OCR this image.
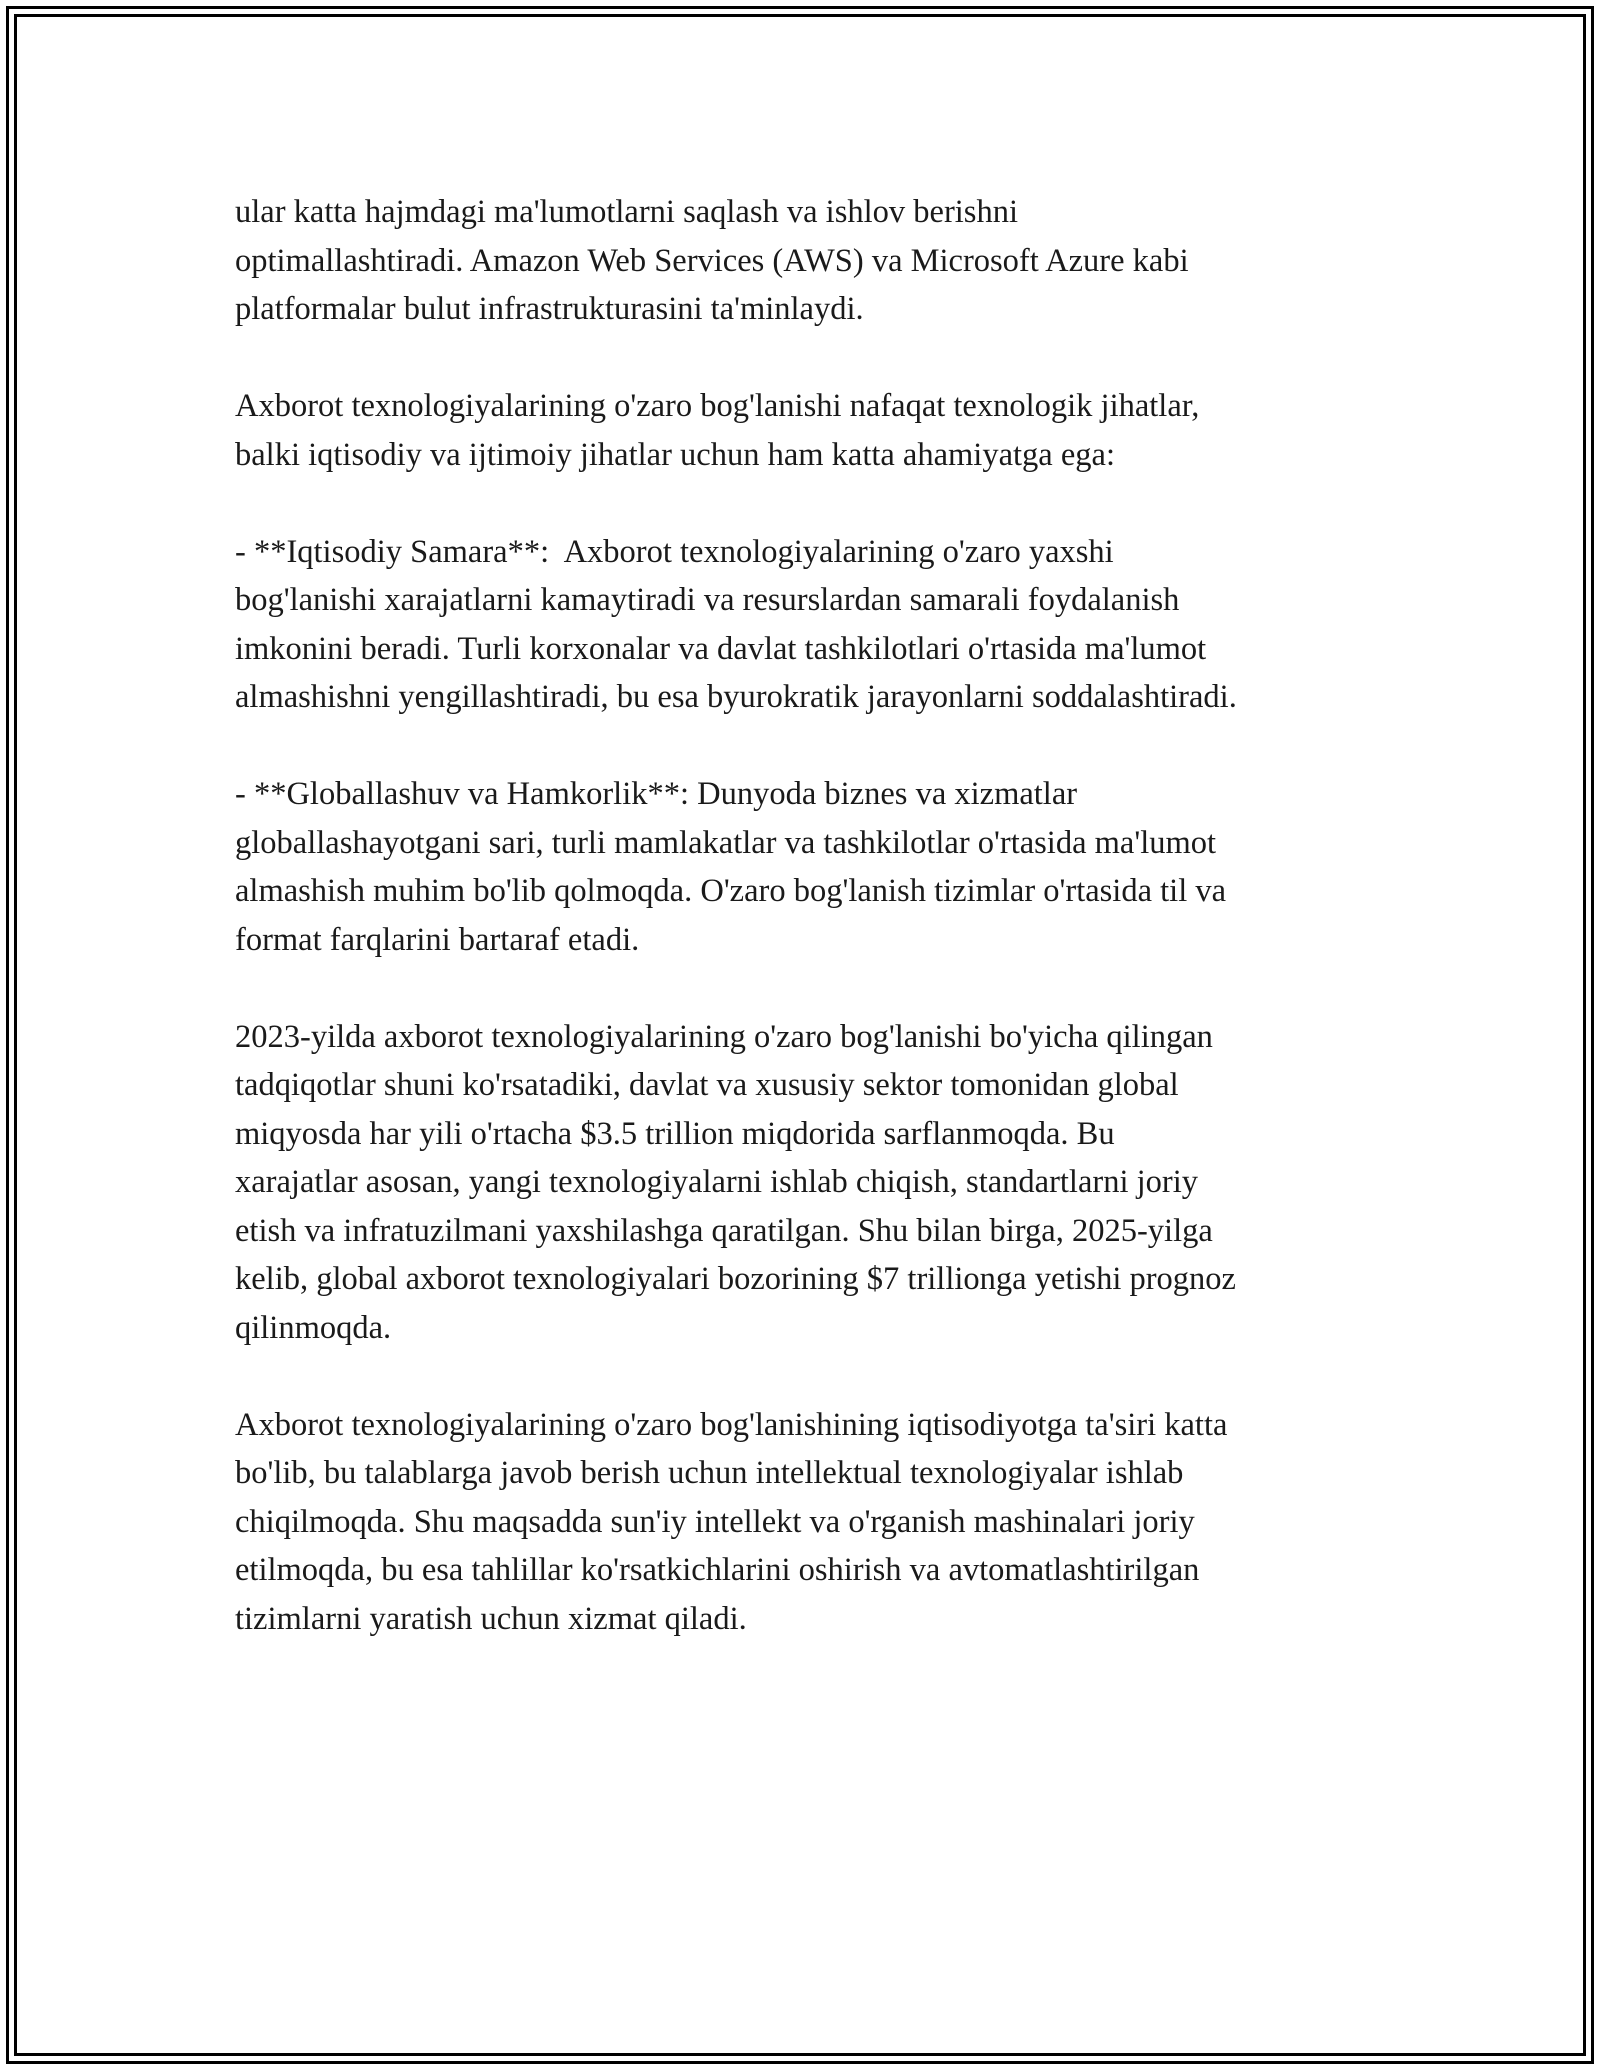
ular katta hajmdagi ma'lumotlarni saqlash va ishlov berishni
optimallashtiradi. Amazon Web Services (AWS) va Microsoft Azure kabi
platformalar bulut infrastrukturasini ta'minlaydi.
Axborot texnologiyalarining o'zaro bog'lanishi nafaqat texnologik jihatlar,
balki iqtisodiy va ijtimoiy jihatlar uchun ham katta ahamiyatga ega:
- **Iqtisodiy Samara**:  Axborot texnologiyalarining o'zaro yaxshi
bog'lanishi xarajatlarni kamaytiradi va resurslardan samarali foydalanish
imkonini beradi. Turli korxonalar va davlat tashkilotlari o'rtasida ma'lumot
almashishni yengillashtiradi, bu esa byurokratik jarayonlarni soddalashtiradi.
- **Globallashuv va Hamkorlik**: Dunyoda biznes va xizmatlar
globallashayotgani sari, turli mamlakatlar va tashkilotlar o'rtasida ma'lumot
almashish muhim bo'lib qolmoqda. O'zaro bog'lanish tizimlar o'rtasida til va
format farqlarini bartaraf etadi.
2023-yilda axborot texnologiyalarining o'zaro bog'lanishi bo'yicha qilingan
tadqiqotlar shuni ko'rsatadiki, davlat va xususiy sektor tomonidan global
miqyosda har yili o'rtacha $3.5 trillion miqdorida sarflanmoqda. Bu
xarajatlar asosan, yangi texnologiyalarni ishlab chiqish, standartlarni joriy
etish va infratuzilmani yaxshilashga qaratilgan. Shu bilan birga, 2025-yilga
kelib, global axborot texnologiyalari bozorining $7 trillionga yetishi prognoz
qilinmoqda.
Axborot texnologiyalarining o'zaro bog'lanishining iqtisodiyotga ta'siri katta
bo'lib, bu talablarga javob berish uchun intellektual texnologiyalar ishlab
chiqilmoqda. Shu maqsadda sun'iy intellekt va o'rganish mashinalari joriy
etilmoqda, bu esa tahlillar ko'rsatkichlarini oshirish va avtomatlashtirilgan
tizimlarni yaratish uchun xizmat qiladi.
